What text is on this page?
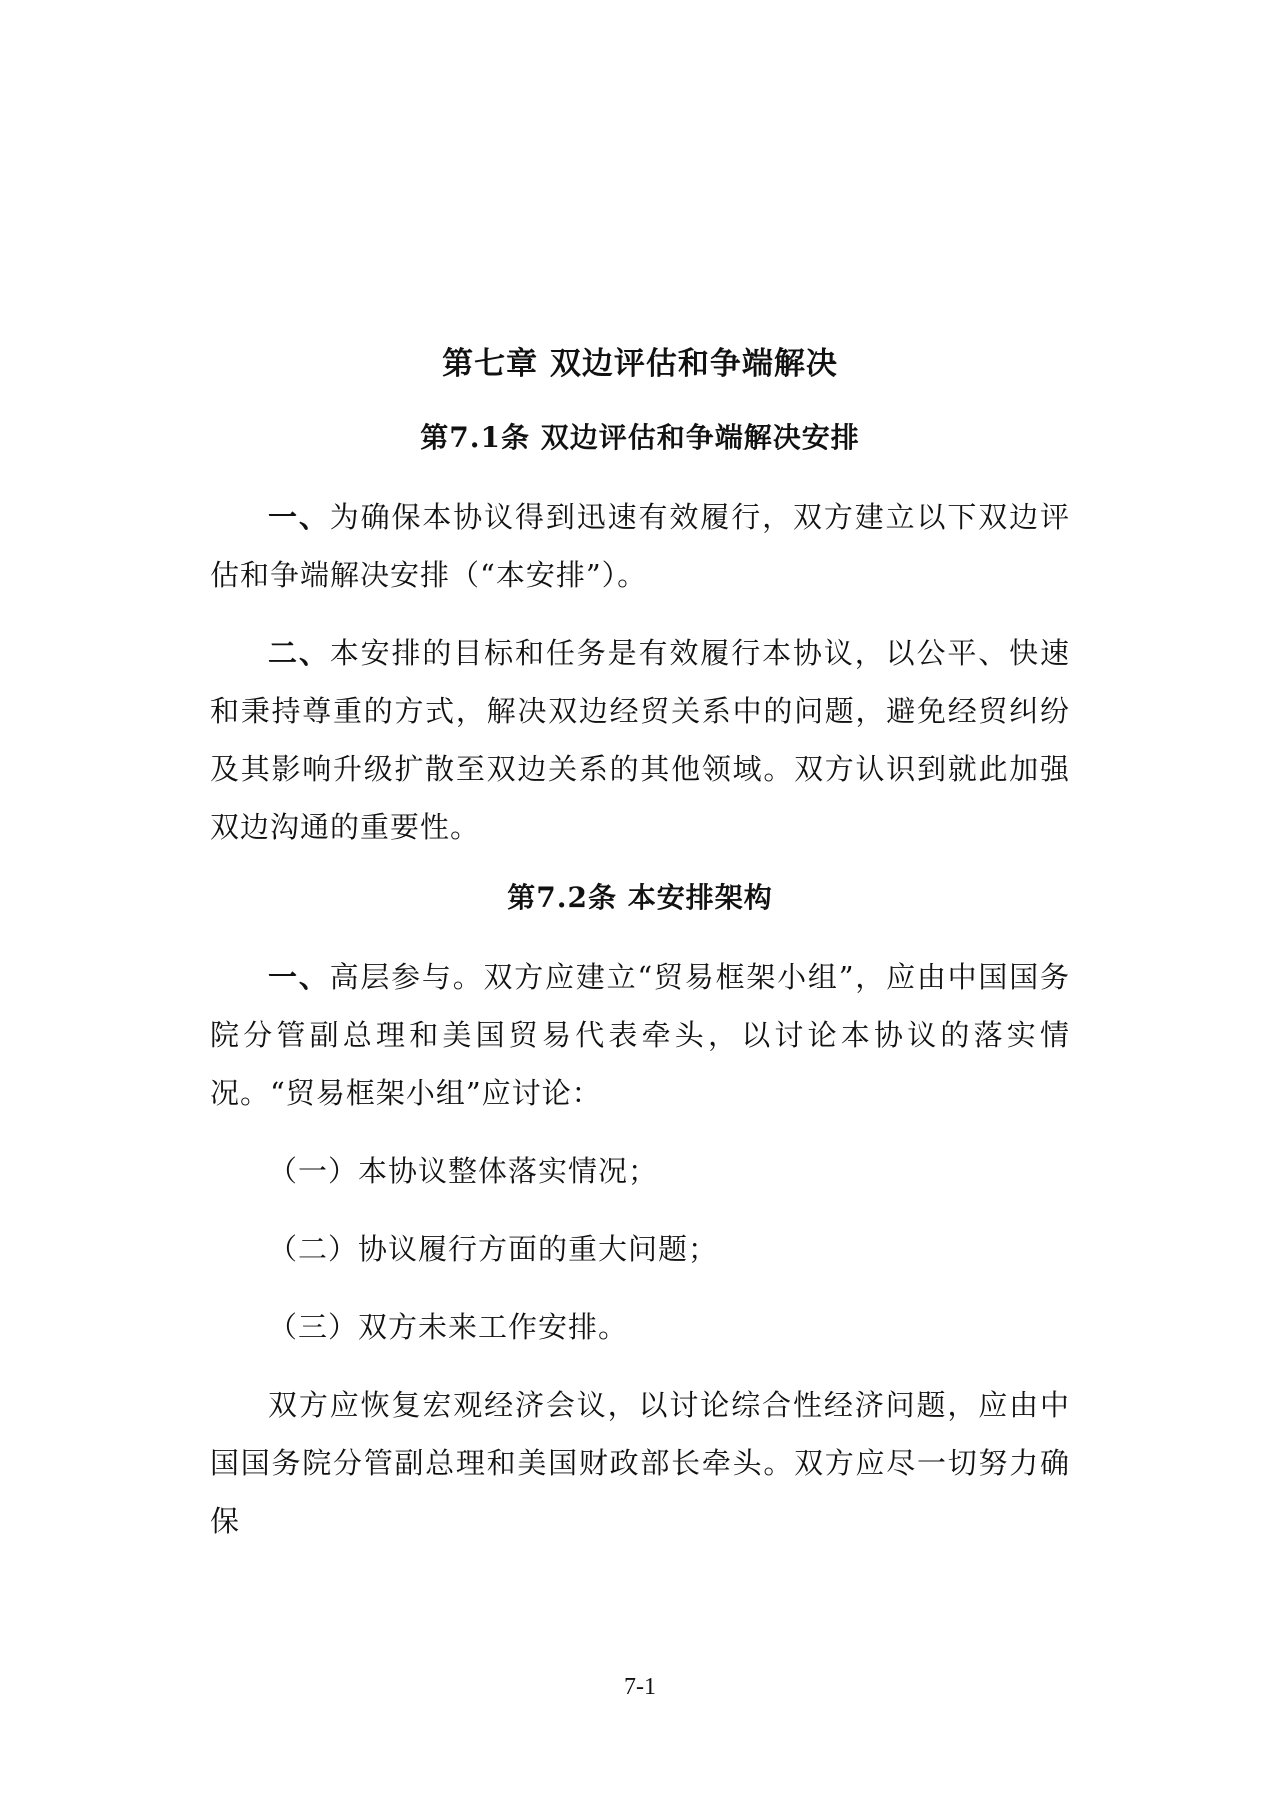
第七章 双边评估和争端解决
第7.1条 双边评估和争端解决安排

一、为确保本协议得到迅速有效履行，双方建立以下双边评估和争端解决安排（“本安排”）。

二、本安排的目标和任务是有效履行本协议，以公平、快速和秉持尊重的方式，解决双边经贸关系中的问题，避免经贸纠纷及其影响升级扩散至双边关系的其他领域。双方认识到就此加强双边沟通的重要性。

第7.2条 本安排架构

一、高层参与。双方应建立“贸易框架小组”，应由中国国务院分管副总理和美国贸易代表牵头，以讨论本协议的落实情况。“贸易框架小组”应讨论：

（一）本协议整体落实情况；

（二）协议履行方面的重大问题；

（三）双方未来工作安排。

双方应恢复宏观经济会议，以讨论综合性经济问题，应由中国国务院分管副总理和美国财政部长牵头。双方应尽一切努力确保

7-1
